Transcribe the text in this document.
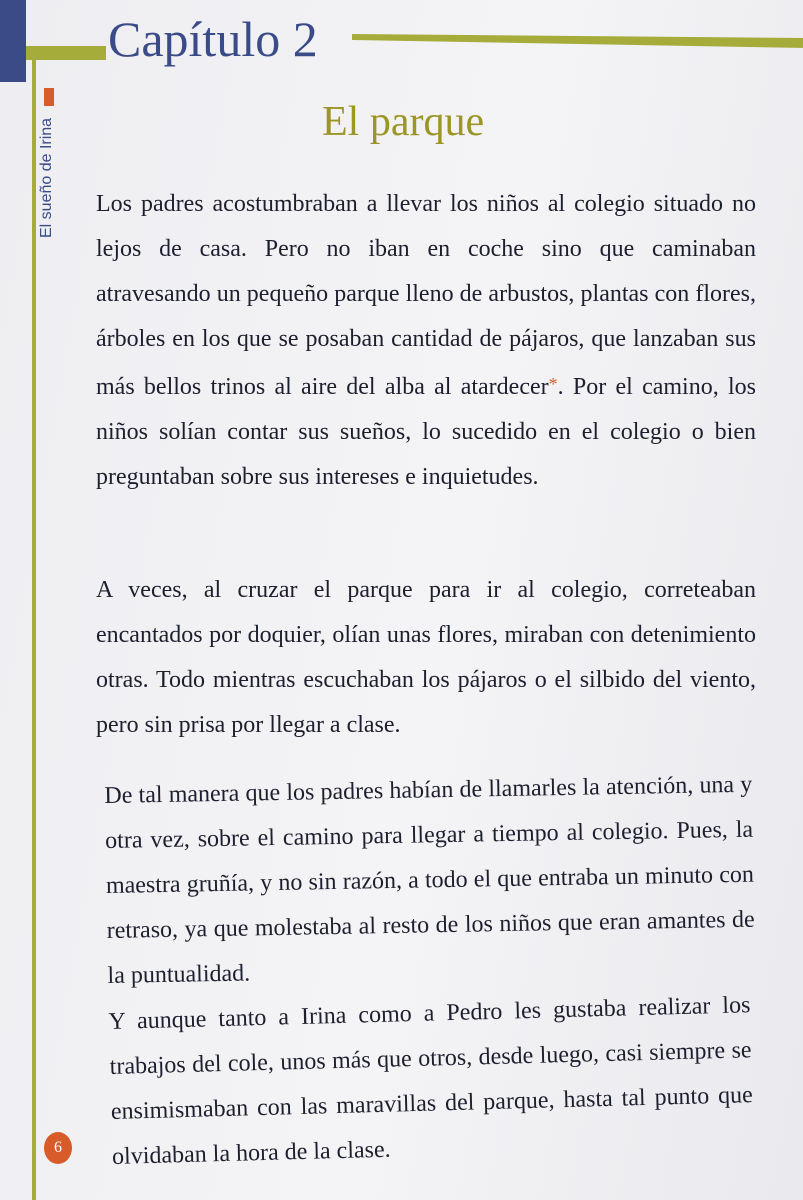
El sueño de Irina
Capítulo 2
El parque

Los padres acostumbraban a llevar los niños al colegio situado no lejos de casa. Pero no iban en coche sino que caminaban atravesando un pequeño parque lleno de arbustos, plantas con flores, árboles en los que se posaban cantidad de pájaros, que lanzaban sus más bellos trinos al aire del alba al atardecer*. Por el camino, los niños solían contar sus sueños, lo sucedido en el colegio o bien preguntaban sobre sus intereses e inquietudes.

A veces, al cruzar el parque para ir al colegio, correteaban encantados por doquier, olían unas flores, miraban con detenimiento otras. Todo mientras escuchaban los pájaros o el silbido del viento, pero sin prisa por llegar a clase.

De tal manera que los padres habían de llamarles la atención, una y otra vez, sobre el camino para llegar a tiempo al colegio. Pues, la maestra gruñía, y no sin razón, a todo el que entraba un minuto con retraso, ya que molestaba al resto de los niños que eran amantes de la puntualidad.

Y aunque tanto a Irina como a Pedro les gustaba realizar los trabajos del cole, unos más que otros, desde luego, casi siempre se ensimismaban con las maravillas del parque, hasta tal punto que olvidaban la hora de la clase.

6
